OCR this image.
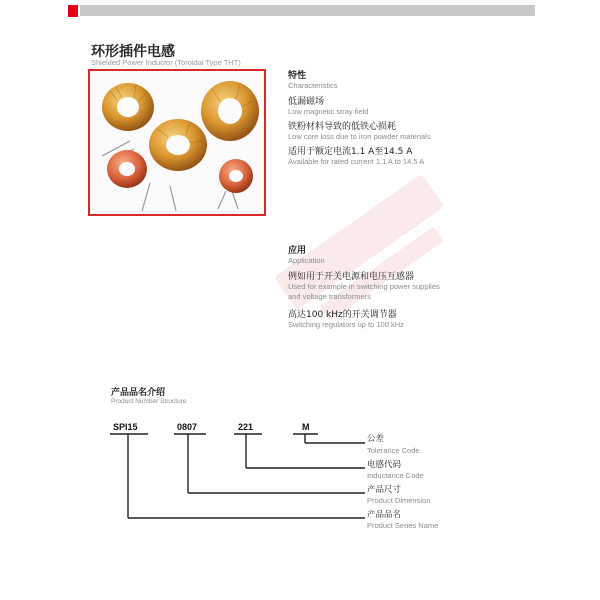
环形插件电感
Shielded Power Inductor (Toroidal Type THT)
特性
Characteristics
低漏磁场
Low magnetic stray field
铁粉材料导致的低铁心损耗
Low core loss due to iron powder materials
适用于额定电流1.1 A至14.5 A
Available for rated current 1.1 A to 14.5 A
应用
Application
例如用于开关电源和电压互感器
Used for example in switching power supplies
and voltage transformers
高达100 kHz的开关调节器
Switching regulators up to 100 kHz
产品品名介绍
Product Number Structure
SPI15	0807	221	M
公差
Tolerance Code
电感代码
Inductance Code
产品尺寸
Product Dimension
产品品名
Product Series Name
